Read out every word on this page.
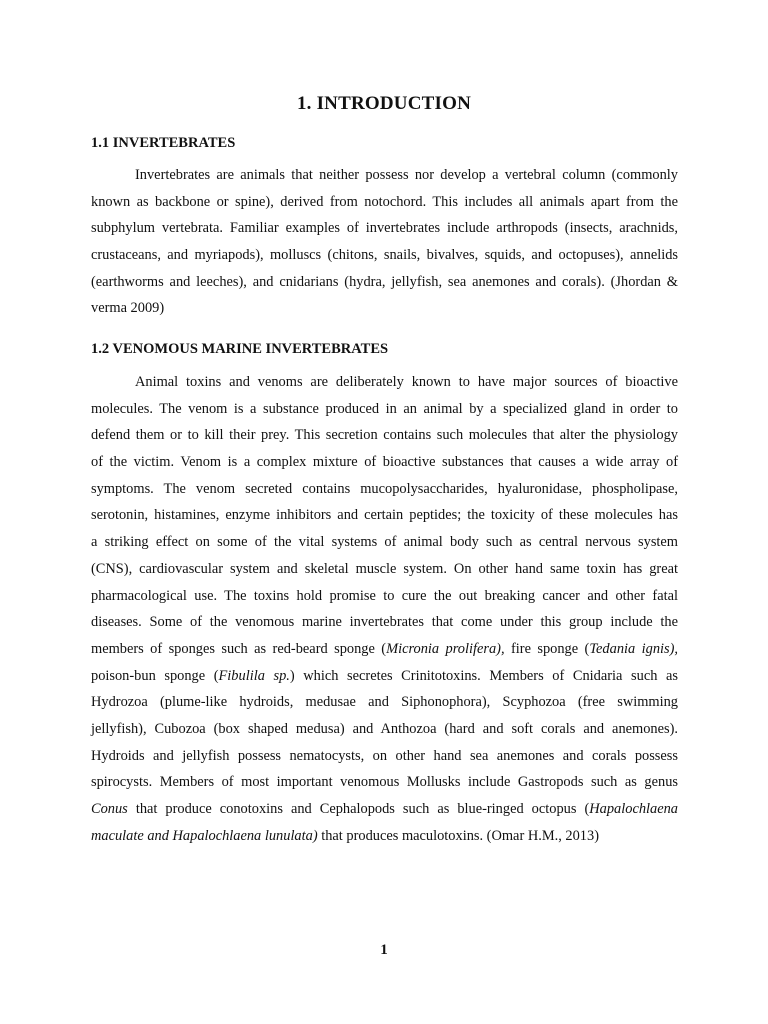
1. INTRODUCTION
1.1 INVERTEBRATES
Invertebrates are animals that neither possess nor develop a vertebral column (commonly
known as backbone or spine), derived from notochord. This includes all animals apart from the
subphylum vertebrata. Familiar examples of invertebrates include arthropods (insects, arachnids,
crustaceans, and myriapods), molluscs (chitons, snails, bivalves, squids, and octopuses), annelids
(earthworms and leeches), and cnidarians (hydra, jellyfish, sea anemones and corals). (Jhordan &
verma 2009)
1.2 VENOMOUS MARINE INVERTEBRATES
Animal toxins and venoms are deliberately known to have major sources of bioactive
molecules. The venom is a substance produced in an animal by a specialized gland in order to
defend them or to kill their prey. This secretion contains such molecules that alter the physiology
of the victim. Venom is a complex mixture of bioactive substances that causes a wide array of
symptoms. The venom secreted contains mucopolysaccharides, hyaluronidase, phospholipase,
serotonin, histamines, enzyme inhibitors and certain peptides; the toxicity of these molecules has
a striking effect on some of the vital systems of animal body such as central nervous system
(CNS), cardiovascular system and skeletal muscle system. On other hand same toxin has great
pharmacological use. The toxins hold promise to cure the out breaking cancer and other fatal
diseases. Some of the venomous marine invertebrates that come under this group include the
members of sponges such as red-beard sponge (Micronia prolifera), fire sponge (Tedania ignis),
poison-bun sponge (Fibulila sp.) which secretes Crinitotoxins. Members of Cnidaria such as
Hydrozoa (plume-like hydroids, medusae and Siphonophora), Scyphozoa (free swimming
jellyfish), Cubozoa (box shaped medusa) and Anthozoa (hard and soft corals and anemones).
Hydroids and jellyfish possess nematocysts, on other hand sea anemones and corals possess
spirocysts. Members of most important venomous Mollusks include Gastropods such as genus
Conus that produce conotoxins and Cephalopods such as blue-ringed octopus (Hapalochlaena
maculate and Hapalochlaena lunulata) that produces maculotoxins. (Omar H.M., 2013)
1
